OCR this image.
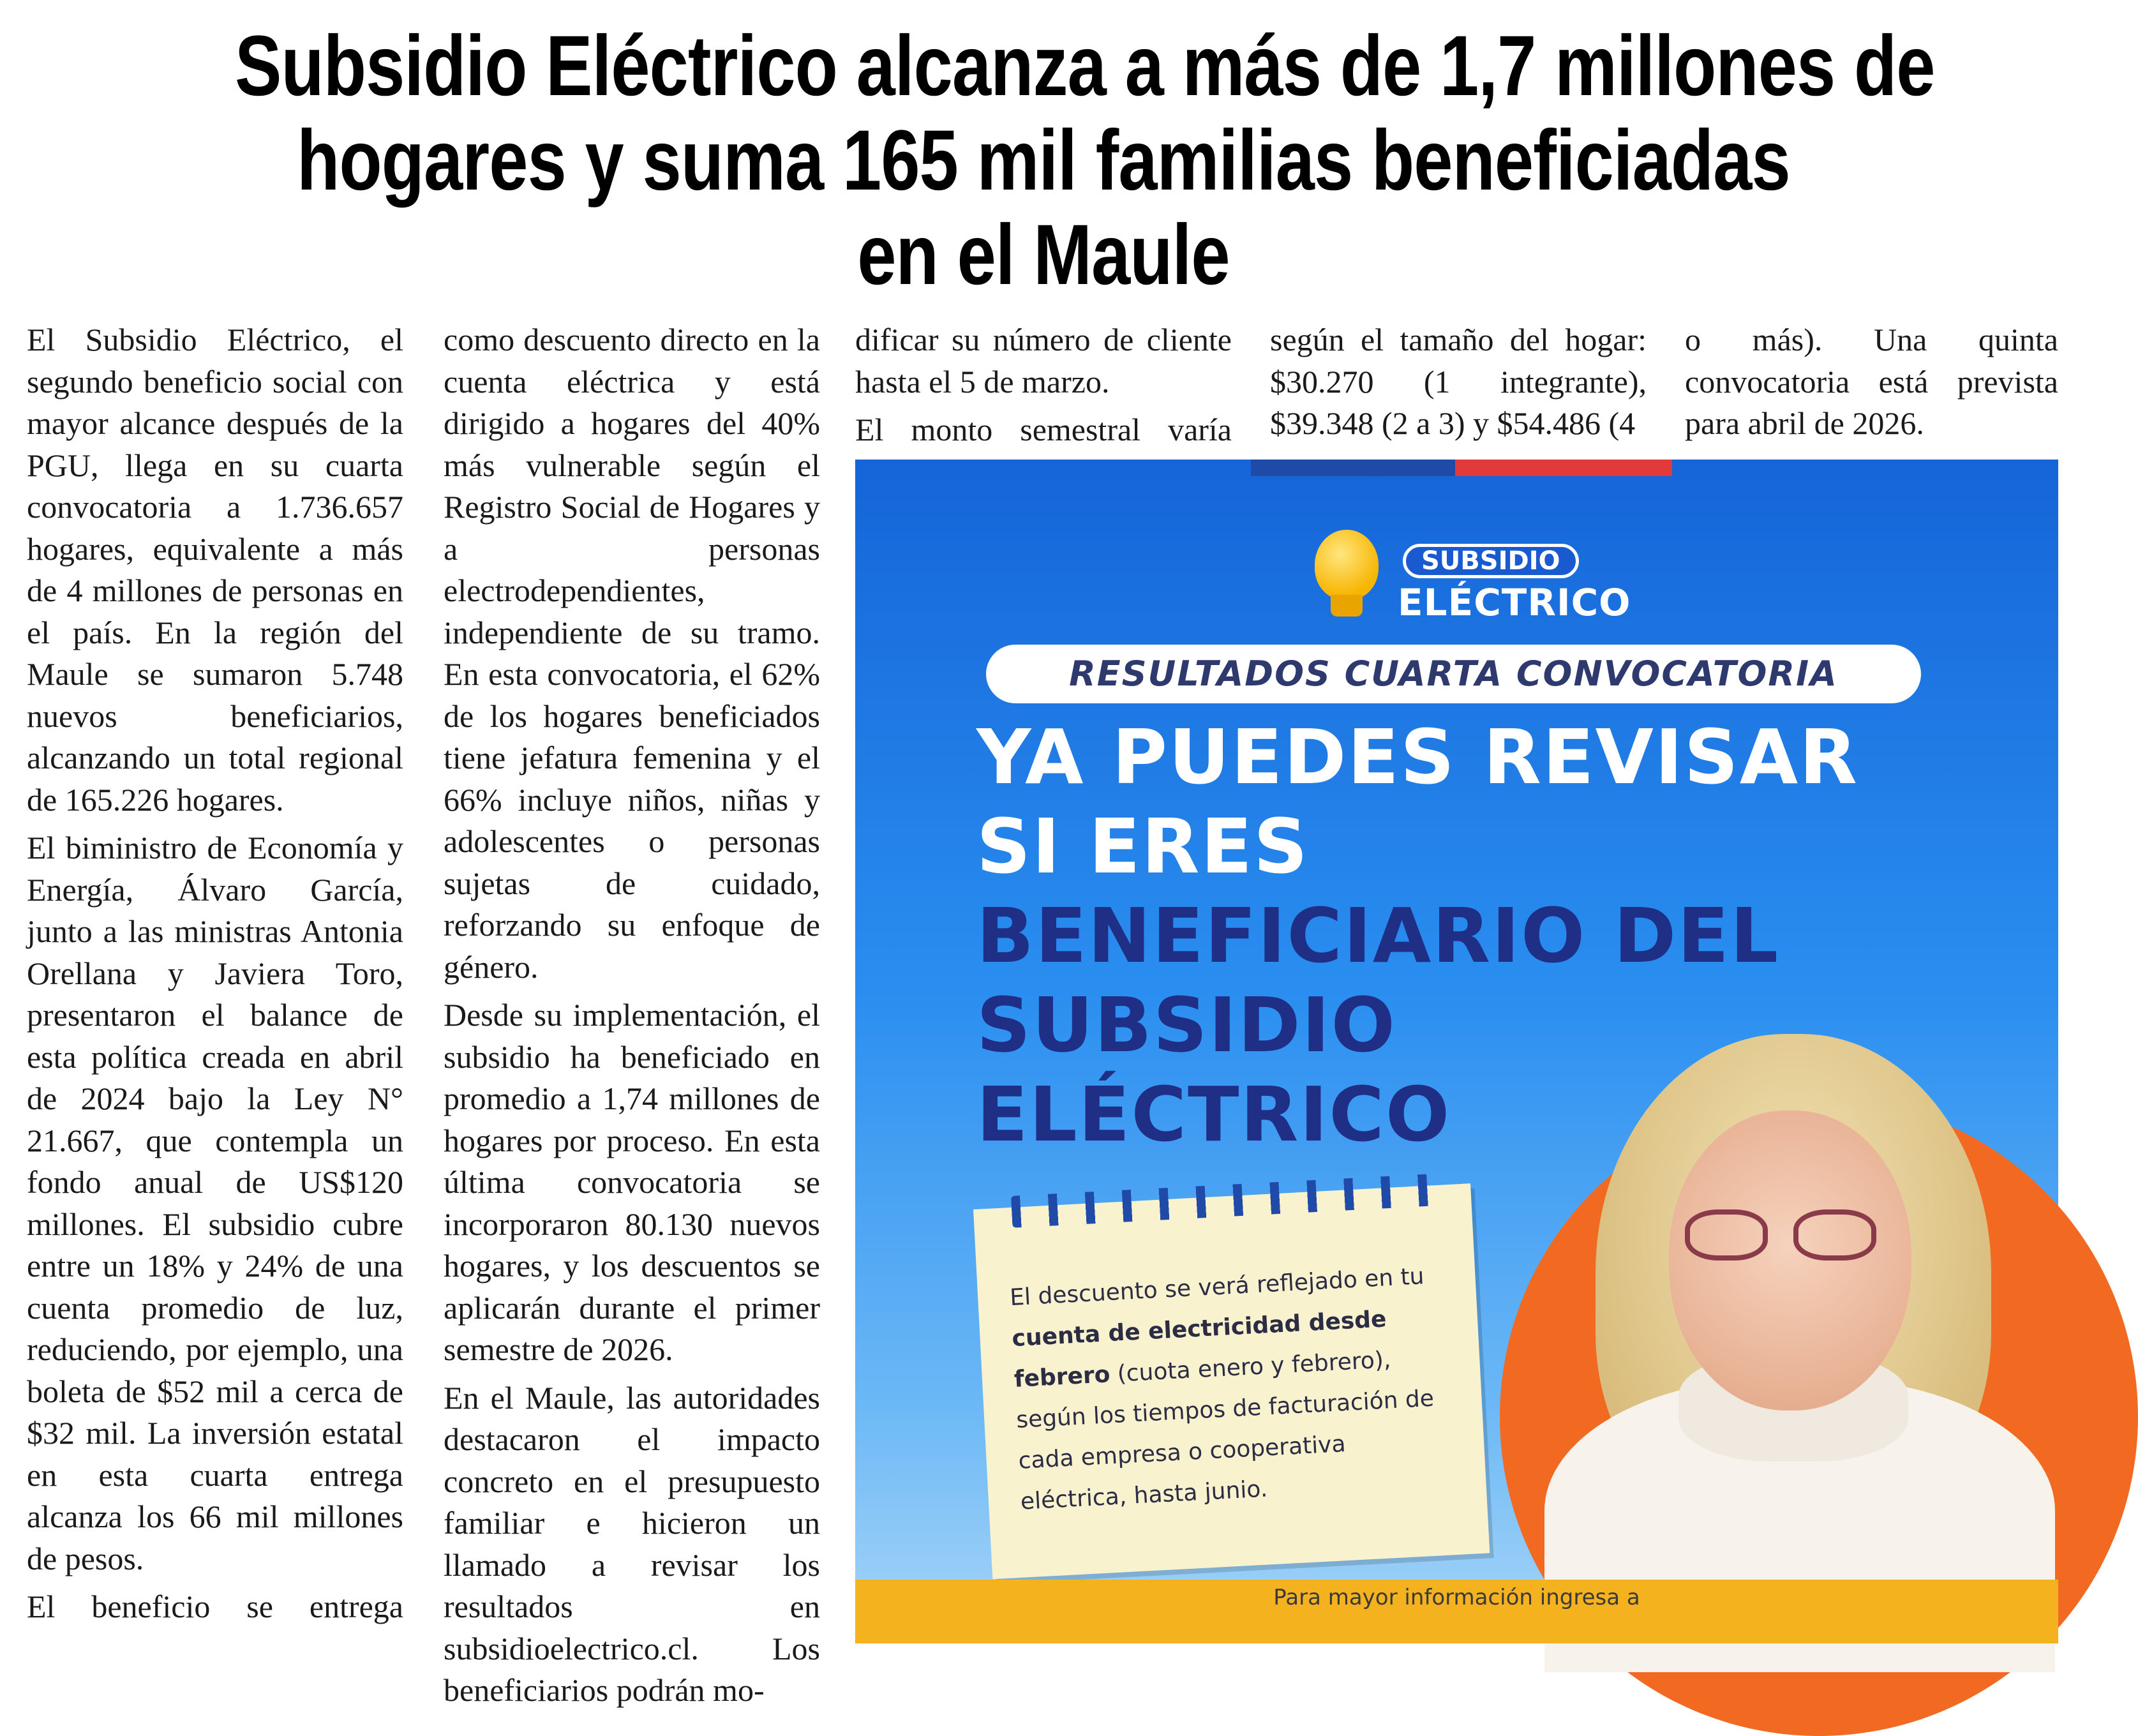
Subsidio Eléctrico alcanza a más de 1,7 millones de
hogares y suma 165 mil familias beneficiadas
en el Maule

El Subsidio Eléctrico, el segundo beneficio social con mayor alcance después de la PGU, llega en su cuarta convocatoria a 1.736.657 hogares, equivalente a más de 4 millones de personas en el país. En la región del Maule se sumaron 5.748 nuevos beneficiarios, alcanzando un total regional de 165.226 hogares.

El biministro de Economía y Energía, Álvaro García, junto a las ministras Antonia Orellana y Javiera Toro, presentaron el balance de esta política creada en abril de 2024 bajo la Ley N° 21.667, que contempla un fondo anual de US$120 millones. El subsidio cubre entre un 18% y 24% de una cuenta promedio de luz, reduciendo, por ejemplo, una boleta de $52 mil a cerca de $32 mil. La inversión estatal en esta cuarta entrega alcanza los 66 mil millones de pesos.

El beneficio se entrega

como descuento directo en la cuenta eléctrica y está dirigido a hogares del 40% más vulnerable según el Registro Social de Hogares y a personas electrodependientes, independiente de su tramo. En esta convocatoria, el 62% de los hogares beneficiados tiene jefatura femenina y el 66% incluye niños, niñas y adolescentes o personas sujetas de cuidado, reforzando su enfoque de género.

Desde su implementación, el subsidio ha beneficiado en promedio a 1,74 millones de hogares por proceso. En esta última convocatoria se incorporaron 80.130 nuevos hogares, y los descuentos se aplicarán durante el primer semestre de 2026.

En el Maule, las autoridades destacaron el impacto concreto en el presupuesto familiar e hicieron un llamado a revisar los resultados en subsidioelectrico.cl. Los beneficiarios podrán mo-

dificar su número de cliente hasta el 5 de marzo.

El monto semestral varía

según el tamaño del hogar: $30.270 (1 integrante), $39.348 (2 a 3) y $54.486 (4

o más). Una quinta convocatoria está prevista para abril de 2026.

SUBSIDIO
ELÉCTRICO
RESULTADOS CUARTA CONVOCATORIA
YA PUEDES REVISAR
SI ERES
BENEFICIARIO DEL
SUBSIDIO
ELÉCTRICO
El descuento se verá reflejado en tu cuenta de electricidad desde febrero (cuota enero y febrero), según los tiempos de facturación de cada empresa o cooperativa eléctrica, hasta junio.
Para mayor información ingresa a
